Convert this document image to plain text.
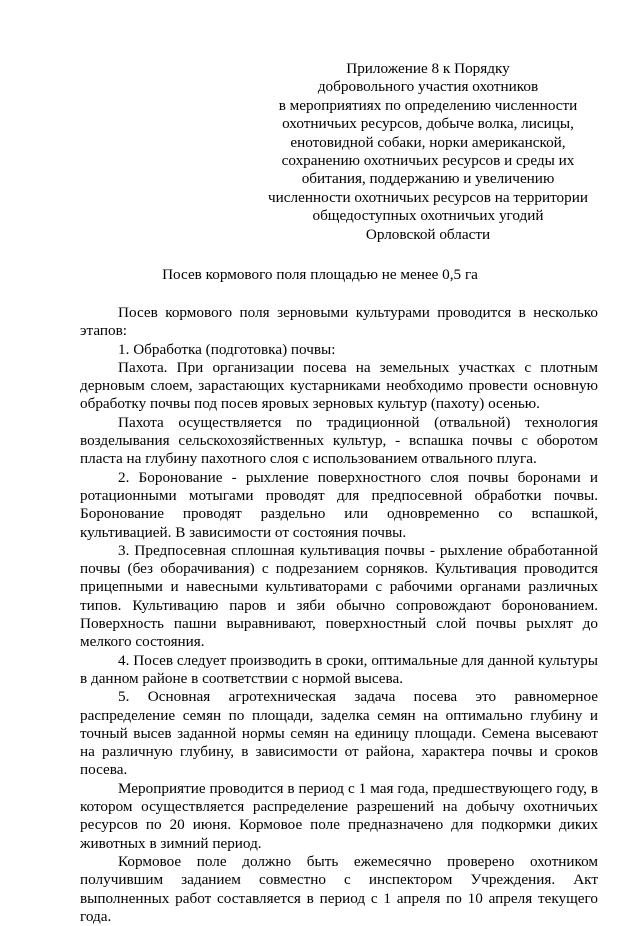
Приложение 8 к Порядку
добровольного участия охотников
в мероприятиях по определению численности
охотничьих ресурсов, добыче волка, лисицы,
енотовидной собаки, норки американской,
сохранению охотничьих ресурсов и среды их
обитания, поддержанию и увеличению
численности охотничьих ресурсов на территории
общедоступных охотничьих угодий
Орловской области
Посев кормового поля площадью не менее 0,5 га

Посев кормового поля зерновыми культурами проводится в несколько этапов:

1. Обработка (подготовка) почвы:

Пахота. При организации посева на земельных участках с плотным дерновым слоем, зарастающих кустарниками необходимо провести основную обработку почвы под посев яровых зерновых культур (пахоту) осенью.

Пахота осуществляется по традиционной (отвальной) технология возделывания сельскохозяйственных культур, - вспашка почвы с оборотом пласта на глубину пахотного слоя с использованием отвального плуга.

2. Боронование - рыхление поверхностного слоя почвы боронами и ротационными мотыгами проводят для предпосевной обработки почвы. Боронование проводят раздельно или одновременно со вспашкой, культивацией. В зависимости от состояния почвы.

3. Предпосевная сплошная культивация почвы - рыхление обработанной почвы (без оборачивания) с подрезанием сорняков. Культивация проводится прицепными и навесными культиваторами с рабочими органами различных типов. Культивацию паров и зяби обычно сопровождают боронованием. Поверхность пашни выравнивают, поверхностный слой почвы рыхлят до мелкого состояния.

4. Посев следует производить в сроки, оптимальные для данной культуры в данном районе в соответствии с нормой высева.

5. Основная агротехническая задача посева это равномерное распределение семян по площади, заделка семян на оптимально глубину и точный высев заданной нормы семян на единицу площади. Семена высевают на различную глубину, в зависимости от района, характера почвы и сроков посева.

Мероприятие проводится в период с 1 мая года, предшествующего году, в котором осуществляется распределение разрешений на добычу охотничьих ресурсов по 20 июня. Кормовое поле предназначено для подкормки диких животных в зимний период.

Кормовое поле должно быть ежемесячно проверено охотником получившим заданием совместно с инспектором Учреждения. Акт выполненных работ составляется в период с 1 апреля по 10 апреля текущего года.
